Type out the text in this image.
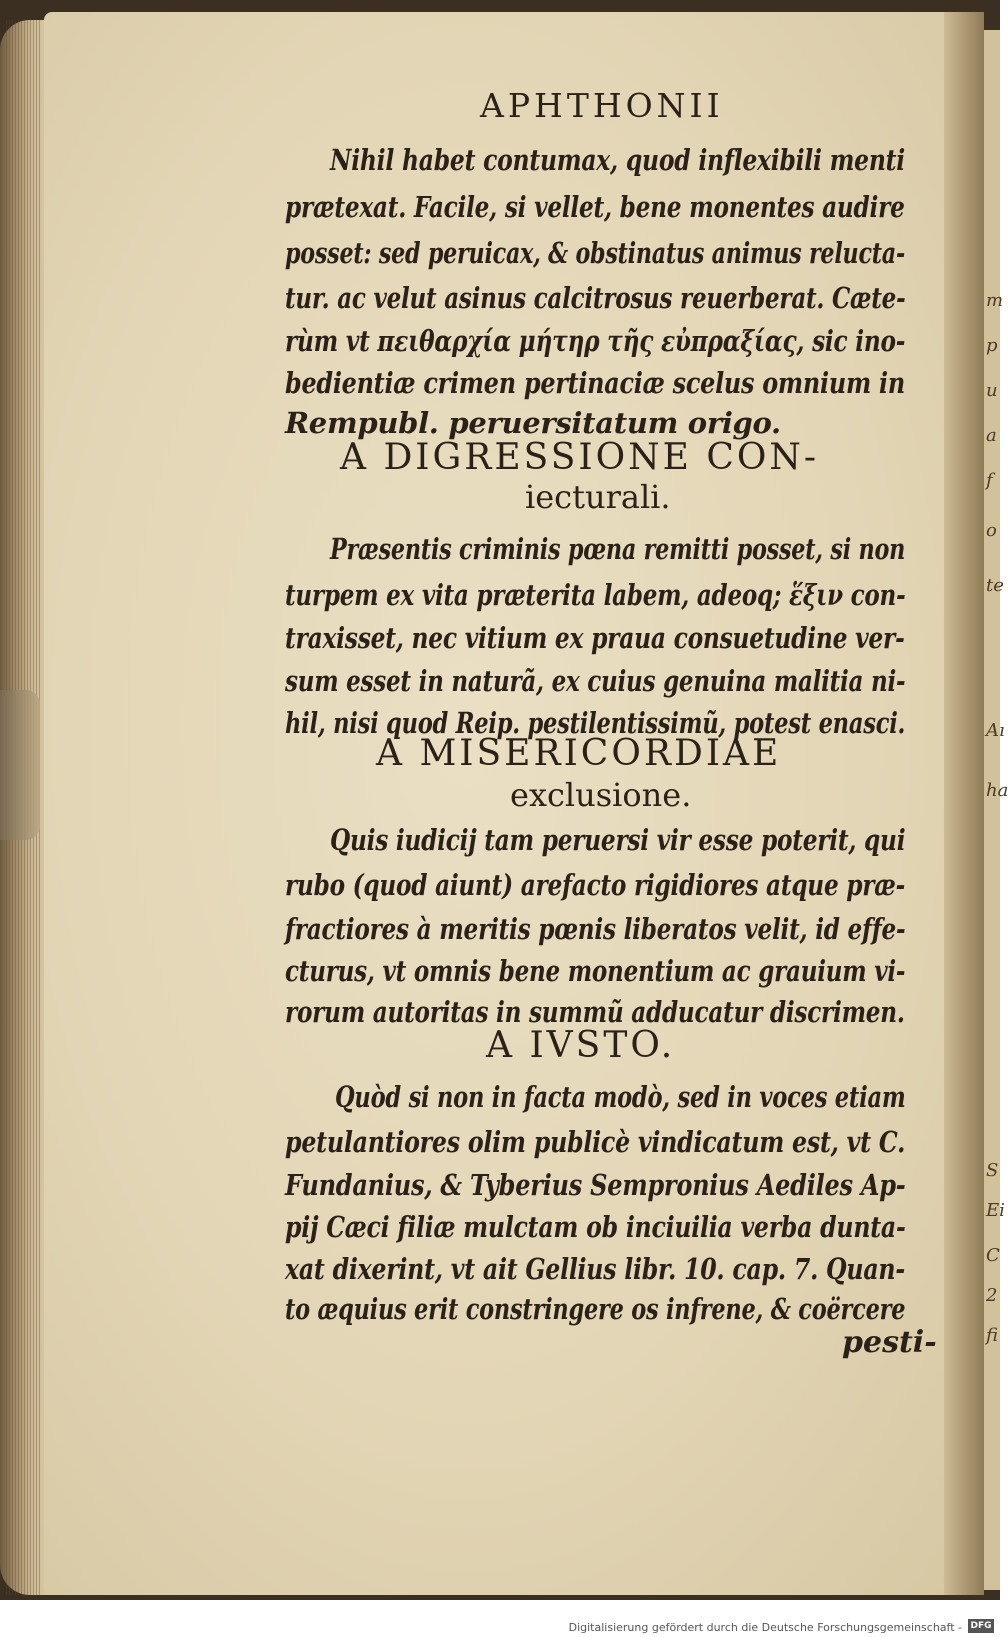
m
p
u
a
f
o
te
Aı
ha
S
Ei
C
2
fi
APHTHONII
Nihil habet contumax, quod inflexibili menti
prætexat. Facile, si vellet, bene monentes audire
posset: sed peruicax, & obstinatus animus relucta-
tur. ac velut asinus calcitrosus reuerberat. Cæte-
rùm vt πειθαρχία μήτηρ τῆς εὐπραξίας, sic ino-
bedientiæ crimen pertinaciæ scelus omnium in
Rempubl. peruersitatum origo.
A DIGRESSIONE CON-
iecturali.
Præsentis criminis pœna remitti posset, si non
turpem ex vita præterita labem, adeoq; ἕξιν con-
traxisset, nec vitium ex praua consuetudine ver-
sum esset in naturã, ex cuius genuina malitia ni-
hil, nisi quod Reip. pestilentissimũ, potest enasci.
A MISERICORDIAE
exclusione.
Quis iudicij tam peruersi vir esse poterit, qui
rubo (quod aiunt) arefacto rigidiores atque præ-
fractiores à meritis pœnis liberatos velit, id effe-
cturus, vt omnis bene monentium ac grauium vi-
rorum autoritas in summũ adducatur discrimen.
A IVSTO.
Quòd si non in facta modò, sed in voces etiam
petulantiores olim publicè vindicatum est, vt C.
Fundanius, & Tyberius Sempronius Aediles Ap-
pij Cæci filiæ mulctam ob inciuilia verba dunta-
xat dixerint, vt ait Gellius libr. 10. cap. 7. Quan-
to æquius erit constringere os infrene, & coërcere
pesti-
Digitalisierung gefördert durch die Deutsche Forschungsgemeinschaft - DFG
